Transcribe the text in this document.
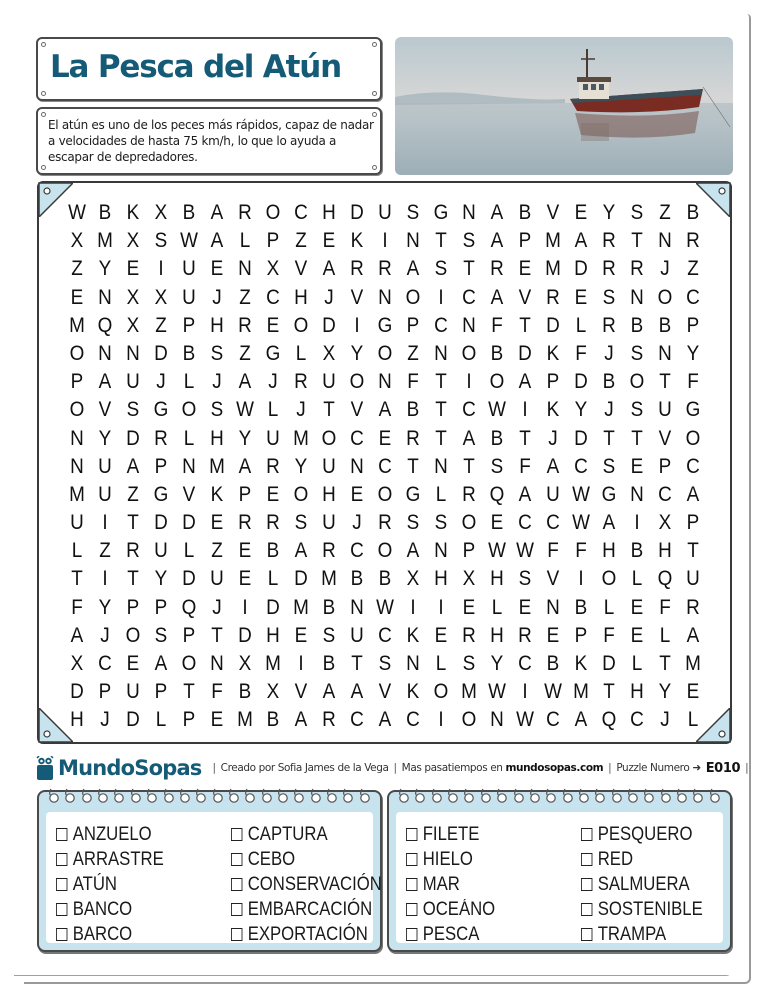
La Pesca del Atún
El atún es uno de los peces más rápidos, capaz de nadar a velocidades de hasta 75 km/h, lo que lo ayuda a escapar de depredadores.
W B K X B A R O C H D U S G N A B V E Y S Z B
X M X S W A L P Z E K I N T S A P M A R T N R
Z Y E I U E N X V A R R A S T R E M D R R J Z
E N X X U J Z C H J V N O I C A V R E S N O C
M Q X Z P H R E O D I G P C N F T D L R B B P
O N N D B S Z G L X Y O Z N O B D K F J S N Y
P A U J L J A J R U O N F T I O A P D B O T F
O V S G O S W L J T V A B T C W I K Y J S U G
N Y D R L H Y U M O C E R T A B T J D T T V O
N U A P N M A R Y U N C T N T S F A C S E P C
M U Z G V K P E O H E O G L R Q A U W G N C A
U I T D D E R R S U J R S S O E C C W A I X P
L Z R U L Z E B A R C O A N P W W F F H B H T
T I T Y D U E L D M B B X H X H S V I O L Q U
F Y P P Q J I D M B N W I	I E L E N B L E F R
A J O S P T D H E S U C K E R H R E P F E L A
X C E A O N X M I B T S N L S Y C B K D L T M
D P U P T F B X V A A V K O M W I W M T H Y E
H J D L P E M B A R C A C I O N W C A Q C J L
MundoSopas | Creado por Sofia James de la Vega | Mas pasatiempos en
mundosopas.com | Puzzle Numero
➜
E010 |
ANZUELO
ARRASTRE
ATÚN
BANCO
BARCO
CAPTURA
CEBO
CONSERVACIÓN
EMBARCACIÓN
EXPORTACIÓN
FILETE
HIELO
MAR
OCEÁNO
PESCA
PESQUERO
RED
SALMUERA
SOSTENIBLE
TRAMPA
